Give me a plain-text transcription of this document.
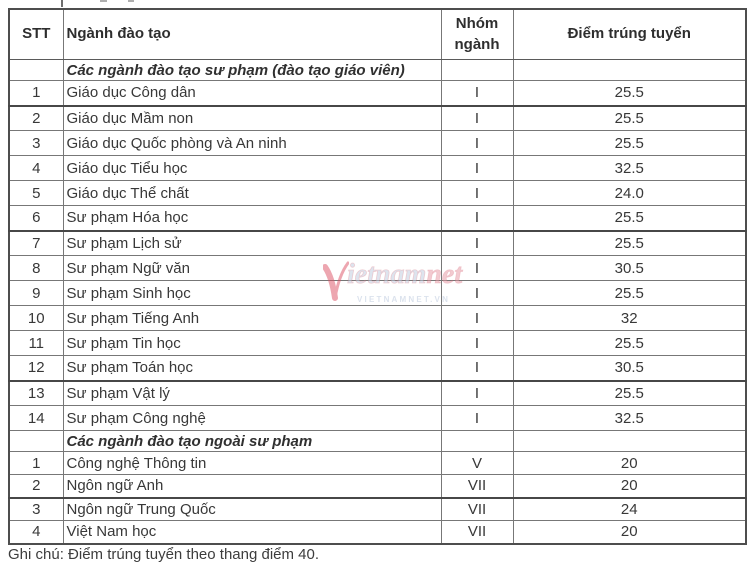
STT	Ngành đào tạo	Nhóm ngành	Điểm trúng tuyển
	Các ngành đào tạo sư phạm (đào tạo giáo viên)		
1	Giáo dục Công dân	I	25.5
2	Giáo dục Mầm non	I	25.5
3	Giáo dục Quốc phòng và An ninh	I	25.5
4	Giáo dục Tiểu học	I	32.5
5	Giáo dục Thể chất	I	24.0
6	Sư phạm Hóa học	I	25.5
7	Sư phạm Lịch sử	I	25.5
8	Sư phạm Ngữ văn	I	30.5
9	Sư phạm Sinh học	I	25.5
10	Sư phạm Tiếng Anh	I	32
11	Sư phạm Tin học	I	25.5
12	Sư phạm Toán học	I	30.5
13	Sư phạm Vật lý	I	25.5
14	Sư phạm Công nghệ	I	32.5
	Các ngành đào tạo ngoài sư phạm		
1	Công nghệ Thông tin	V	20
2	Ngôn ngữ Anh	VII	20
3	Ngôn ngữ Trung Quốc	VII	24
4	Việt Nam học	VII	20
ietnamnet
VIETNAMNET.VN
Ghi chú: Điểm trúng tuyển theo thang điểm 40.
